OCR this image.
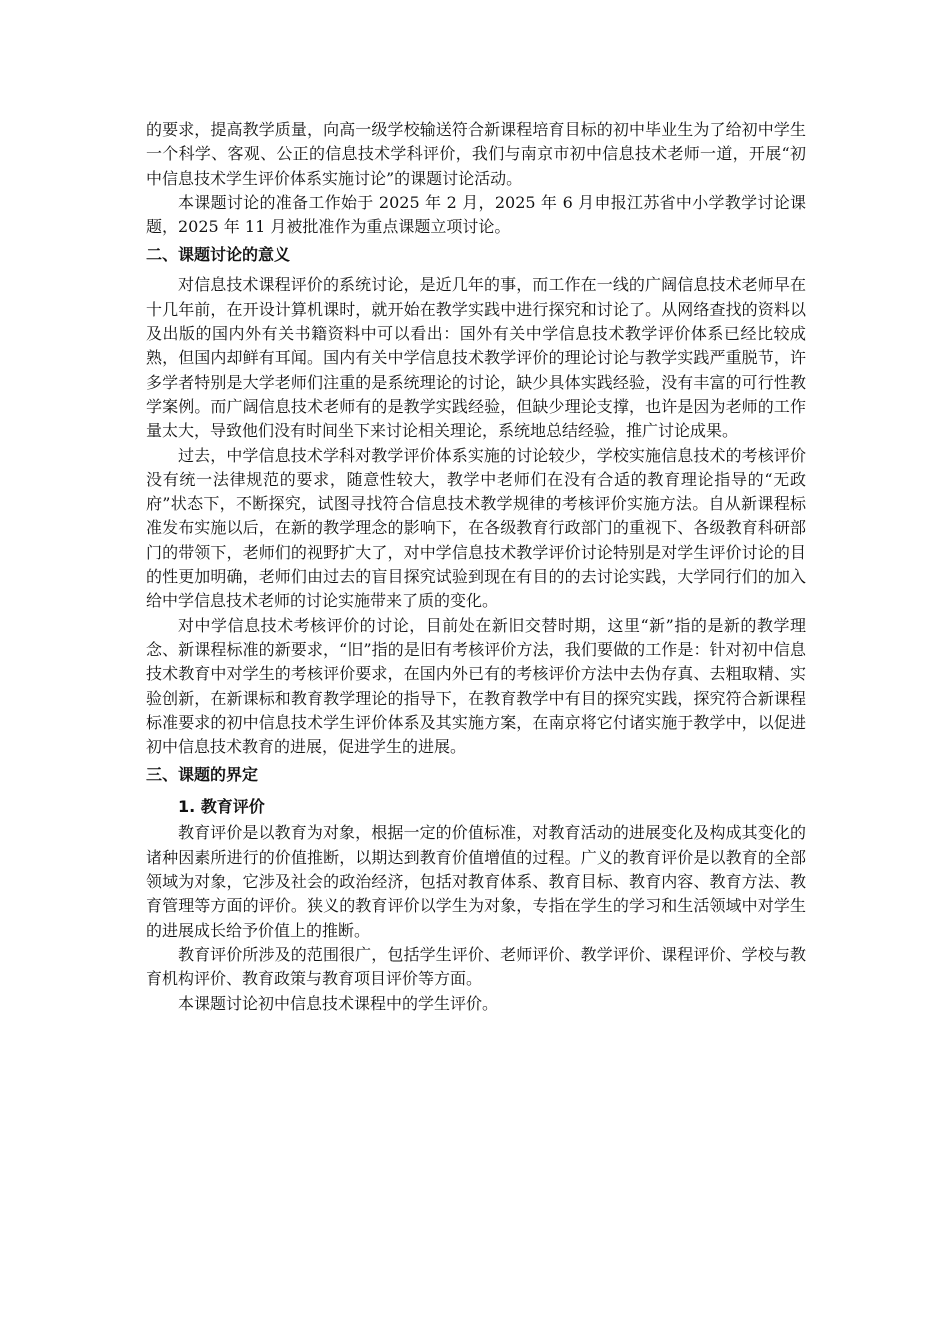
的要求，提高教学质量，向高一级学校输送符合新课程培育目标的初中毕业生为了给初中学生一个科学、客观、公正的信息技术学科评价，我们与南京市初中信息技术老师一道，开展“初中信息技术学生评价体系实施讨论”的课题讨论活动。

本课题讨论的准备工作始于 2025 年 2 月，2025 年 6 月申报江苏省中小学教学讨论课题，2025 年 11 月被批准作为重点课题立项讨论。

二、课题讨论的意义

对信息技术课程评价的系统讨论，是近几年的事，而工作在一线的广阔信息技术老师早在十几年前，在开设计算机课时，就开始在教学实践中进行探究和讨论了。从网络查找的资料以及出版的国内外有关书籍资料中可以看出：国外有关中学信息技术教学评价体系已经比较成熟，但国内却鲜有耳闻。国内有关中学信息技术教学评价的理论讨论与教学实践严重脱节，许多学者特别是大学老师们注重的是系统理论的讨论，缺少具体实践经验，没有丰富的可行性教学案例。而广阔信息技术老师有的是教学实践经验，但缺少理论支撑，也许是因为老师的工作量太大，导致他们没有时间坐下来讨论相关理论，系统地总结经验，推广讨论成果。

过去，中学信息技术学科对教学评价体系实施的讨论较少，学校实施信息技术的考核评价没有统一法律规范的要求，随意性较大，教学中老师们在没有合适的教育理论指导的“无政府”状态下，不断探究，试图寻找符合信息技术教学规律的考核评价实施方法。自从新课程标准发布实施以后，在新的教学理念的影响下，在各级教育行政部门的重视下、各级教育科研部门的带领下，老师们的视野扩大了，对中学信息技术教学评价讨论特别是对学生评价讨论的目的性更加明确，老师们由过去的盲目探究试验到现在有目的的去讨论实践，大学同行们的加入给中学信息技术老师的讨论实施带来了质的变化。

对中学信息技术考核评价的讨论，目前处在新旧交替时期，这里“新”指的是新的教学理念、新课程标准的新要求，“旧”指的是旧有考核评价方法，我们要做的工作是：针对初中信息技术教育中对学生的考核评价要求，在国内外已有的考核评价方法中去伪存真、去粗取精、实验创新，在新课标和教育教学理论的指导下，在教育教学中有目的探究实践，探究符合新课程标准要求的初中信息技术学生评价体系及其实施方案，在南京将它付诸实施于教学中，以促进初中信息技术教育的进展，促进学生的进展。

三、课题的界定
1. 教育评价

教育评价是以教育为对象，根据一定的价值标准，对教育活动的进展变化及构成其变化的诸种因素所进行的价值推断，以期达到教育价值增值的过程。广义的教育评价是以教育的全部领域为对象，它涉及社会的政治经济，包括对教育体系、教育目标、教育内容、教育方法、教育管理等方面的评价。狭义的教育评价以学生为对象，专指在学生的学习和生活领域中对学生的进展成长给予价值上的推断。

教育评价所涉及的范围很广，包括学生评价、老师评价、教学评价、课程评价、学校与教育机构评价、教育政策与教育项目评价等方面。

本课题讨论初中信息技术课程中的学生评价。
